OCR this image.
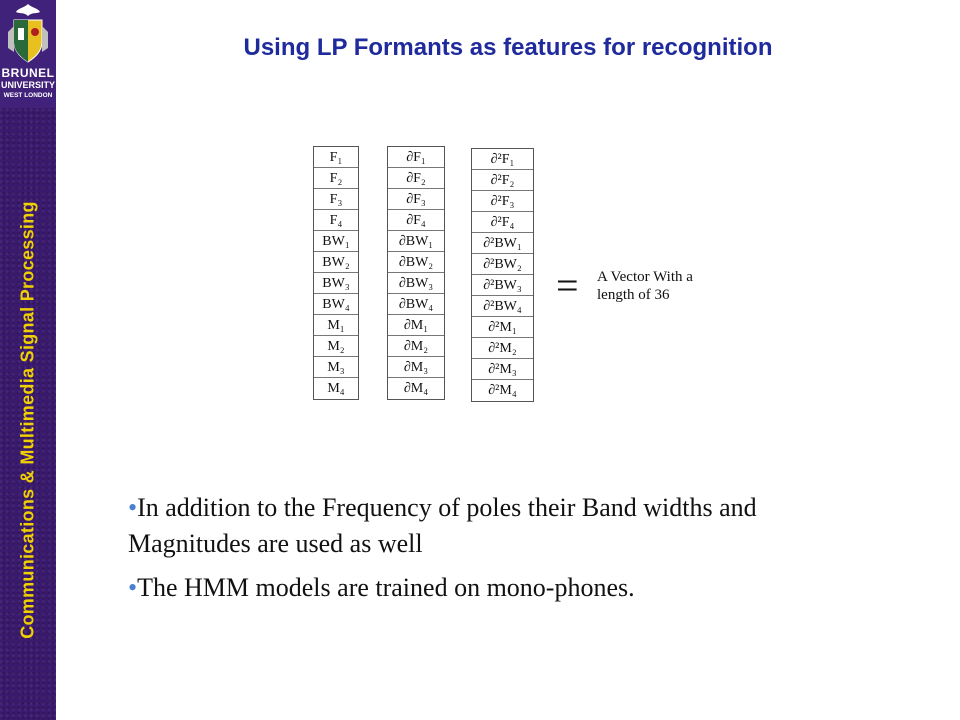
BRUNEL
UNIVERSITY
WEST LONDON
Communications & Multimedia Signal Processing
Using LP Formants as features for recognition
F₁
F₂
F₃
F₄
BW₁
BW₂
BW₃
BW₄
M₁
M₂
M₃
M₄
∂F₁
∂F₂
∂F₃
∂F₄
∂BW₁
∂BW₂
∂BW₃
∂BW₄
∂M₁
∂M₂
∂M₃
∂M₄
∂²F₁
∂²F₂
∂²F₃
∂²F₄
∂²BW₁
∂²BW₂
∂²BW₃
∂²BW₄
∂²M₁
∂²M₂
∂²M₃
∂²M₄
= A Vector With a
length of 36
•In addition to the Frequency of poles their Band widths and Magnitudes are used as well
•The HMM models are trained on mono-phones.
